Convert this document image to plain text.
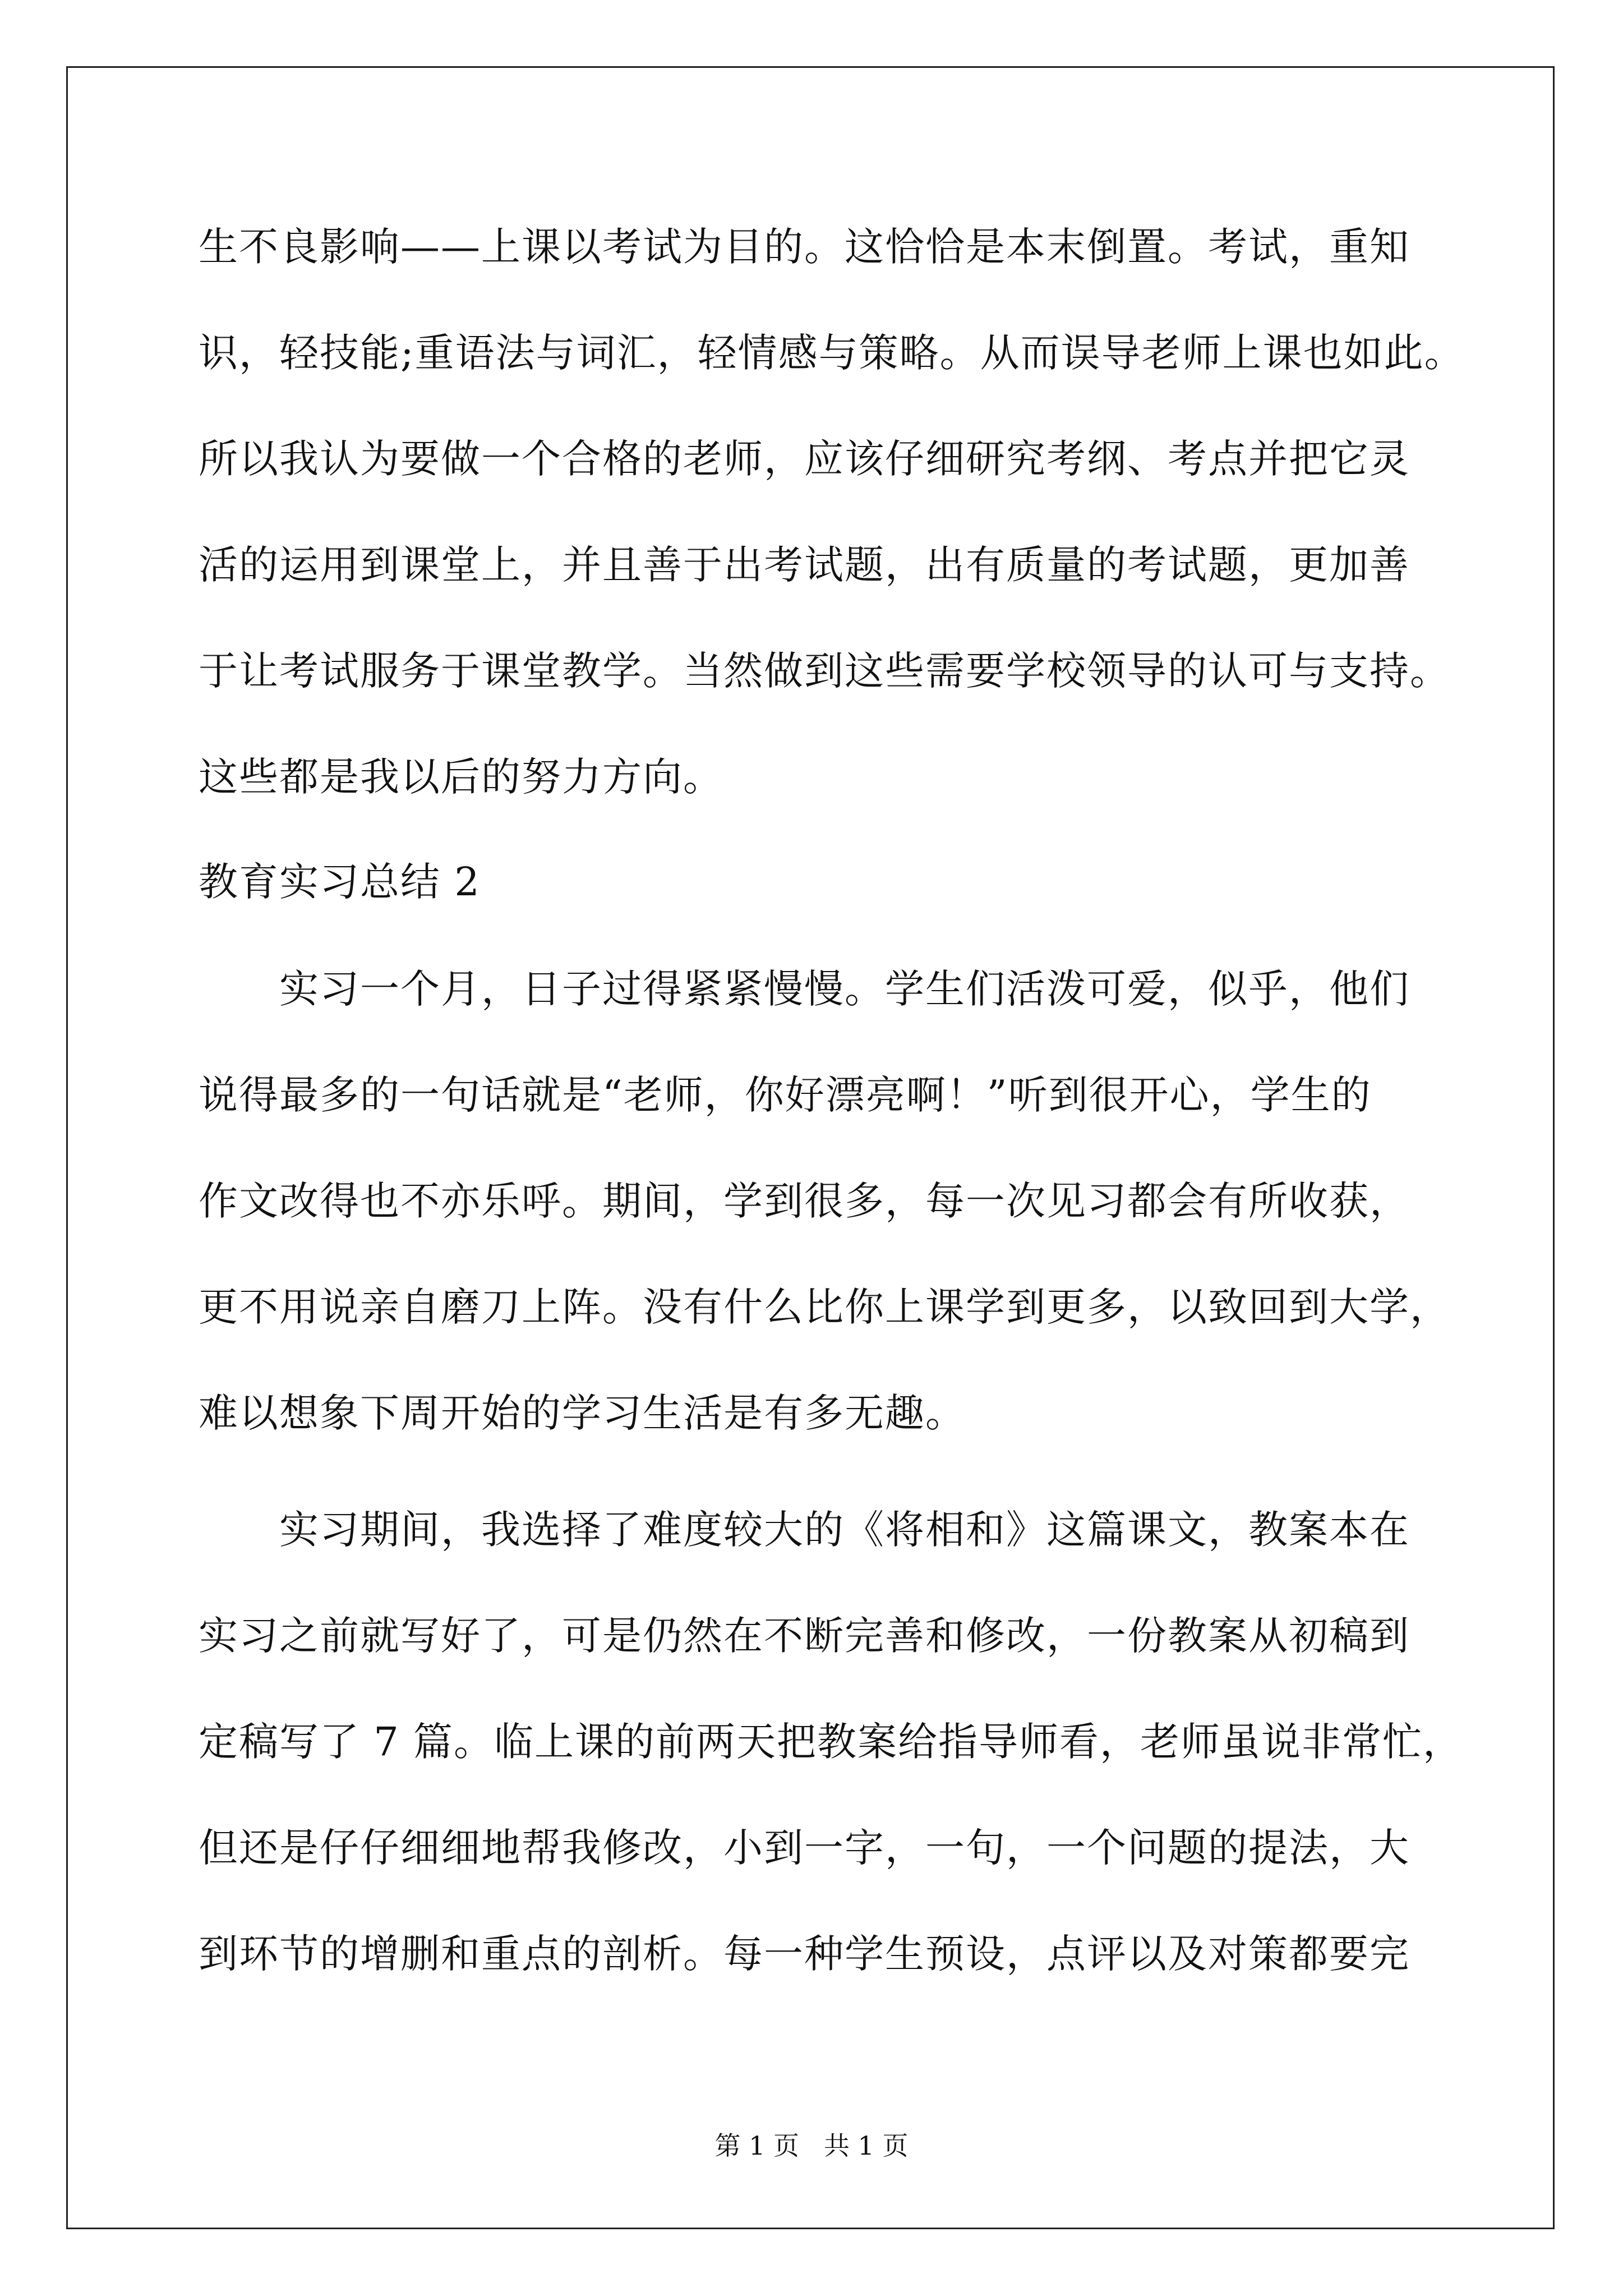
生不良影响——上课以考试为目的。这恰恰是本末倒置。考试，重知
识，轻技能;重语法与词汇，轻情感与策略。从而误导老师上课也如此。
所以我认为要做一个合格的老师，应该仔细研究考纲、考点并把它灵
活的运用到课堂上，并且善于出考试题，出有质量的考试题，更加善
于让考试服务于课堂教学。当然做到这些需要学校领导的认可与支持。
这些都是我以后的努力方向。
教育实习总结 2
实习一个月，日子过得紧紧慢慢。学生们活泼可爱，似乎，他们
说得最多的一句话就是“老师，你好漂亮啊！”听到很开心，学生的
作文改得也不亦乐呼。期间，学到很多，每一次见习都会有所收获，
更不用说亲自磨刀上阵。没有什么比你上课学到更多，以致回到大学，
难以想象下周开始的学习生活是有多无趣。
实习期间，我选择了难度较大的《将相和》这篇课文，教案本在
实习之前就写好了，可是仍然在不断完善和修改，一份教案从初稿到
定稿写了 7 篇。临上课的前两天把教案给指导师看，老师虽说非常忙，
但还是仔仔细细地帮我修改，小到一字，一句，一个问题的提法，大
到环节的增删和重点的剖析。每一种学生预设，点评以及对策都要完
第 1 页 共 1 页
